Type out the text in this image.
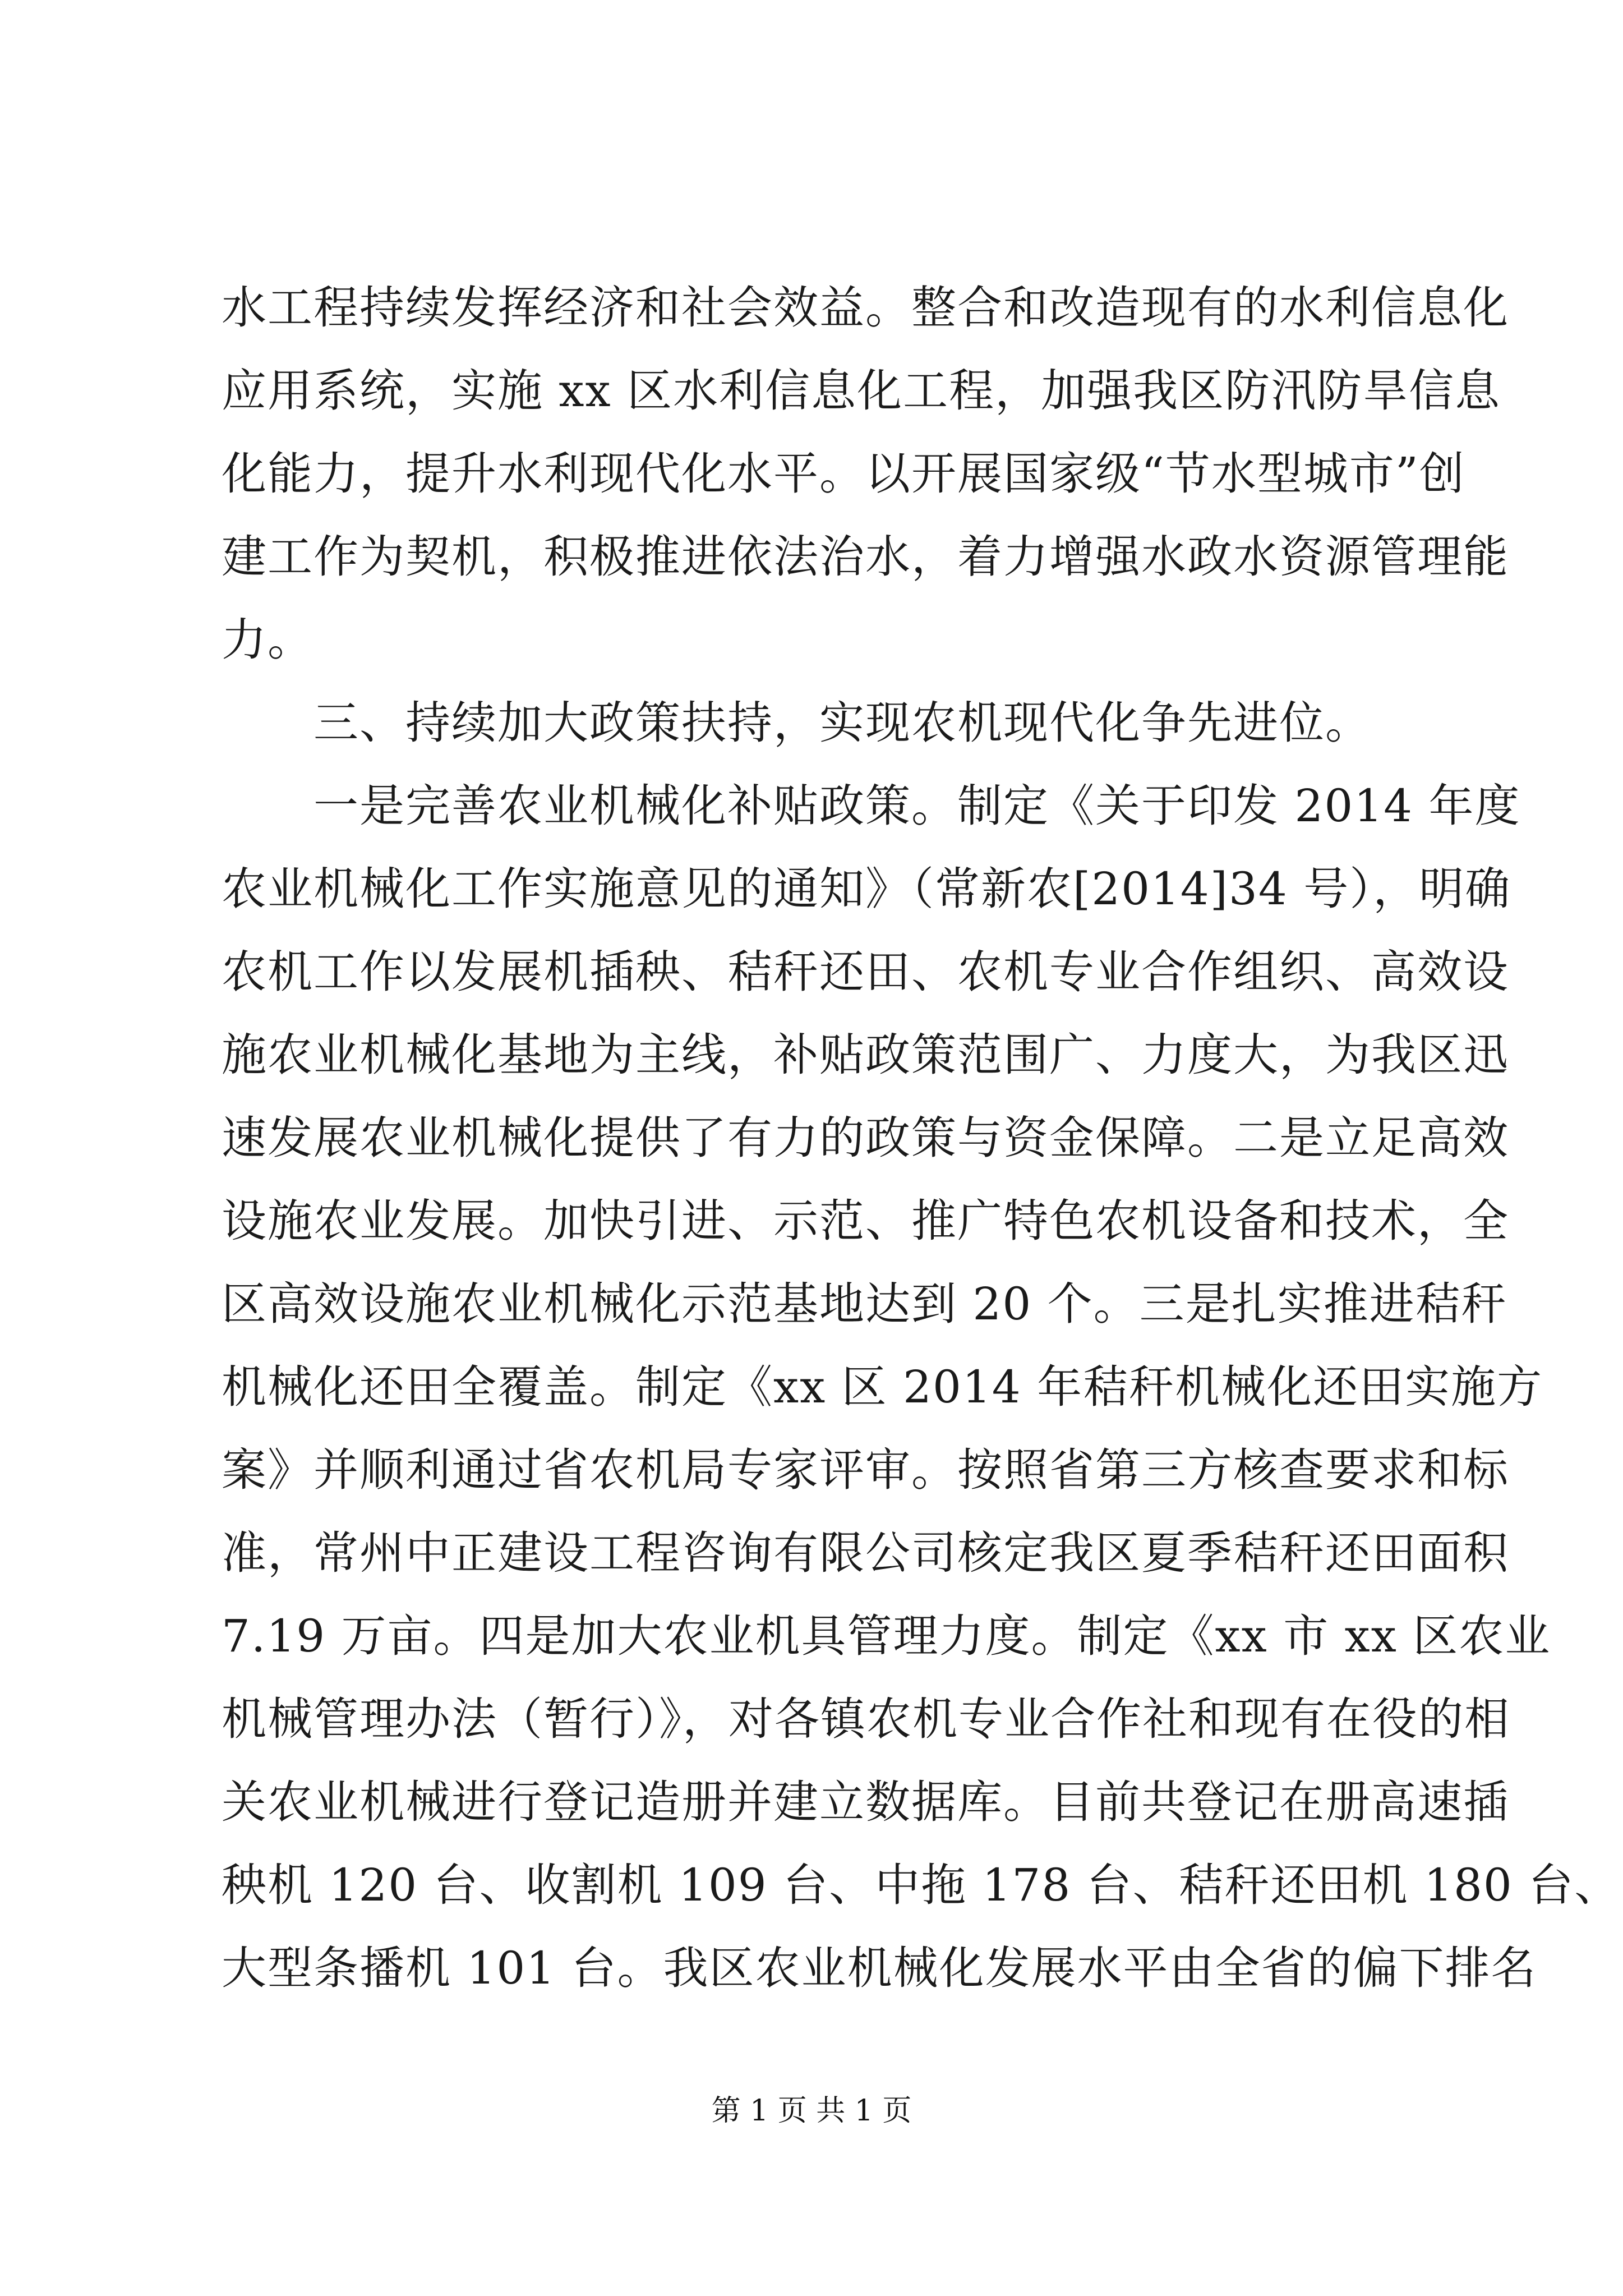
水工程持续发挥经济和社会效益。整合和改造现有的水利信息化
应用系统，实施 xx 区水利信息化工程，加强我区防汛防旱信息
化能力，提升水利现代化水平。以开展国家级“节水型城市”创
建工作为契机，积极推进依法治水，着力增强水政水资源管理能
力。
　　三、持续加大政策扶持，实现农机现代化争先进位。
　　一是完善农业机械化补贴政策。制定《关于印发 2014 年度
农业机械化工作实施意见的通知》（常新农[2014]34 号），明确
农机工作以发展机插秧、秸秆还田、农机专业合作组织、高效设
施农业机械化基地为主线，补贴政策范围广、力度大，为我区迅
速发展农业机械化提供了有力的政策与资金保障。二是立足高效
设施农业发展。加快引进、示范、推广特色农机设备和技术，全
区高效设施农业机械化示范基地达到 20 个。三是扎实推进秸秆
机械化还田全覆盖。制定《xx 区 2014 年秸秆机械化还田实施方
案》并顺利通过省农机局专家评审。按照省第三方核查要求和标
准，常州中正建设工程咨询有限公司核定我区夏季秸秆还田面积
7.19 万亩。四是加大农业机具管理力度。制定《xx 市 xx 区农业
机械管理办法（暂行）》，对各镇农机专业合作社和现有在役的相
关农业机械进行登记造册并建立数据库。目前共登记在册高速插
秧机 120 台、收割机 109 台、中拖 178 台、秸秆还田机 180 台、
大型条播机 101 台。我区农业机械化发展水平由全省的偏下排名
第 1 页 共 1 页
